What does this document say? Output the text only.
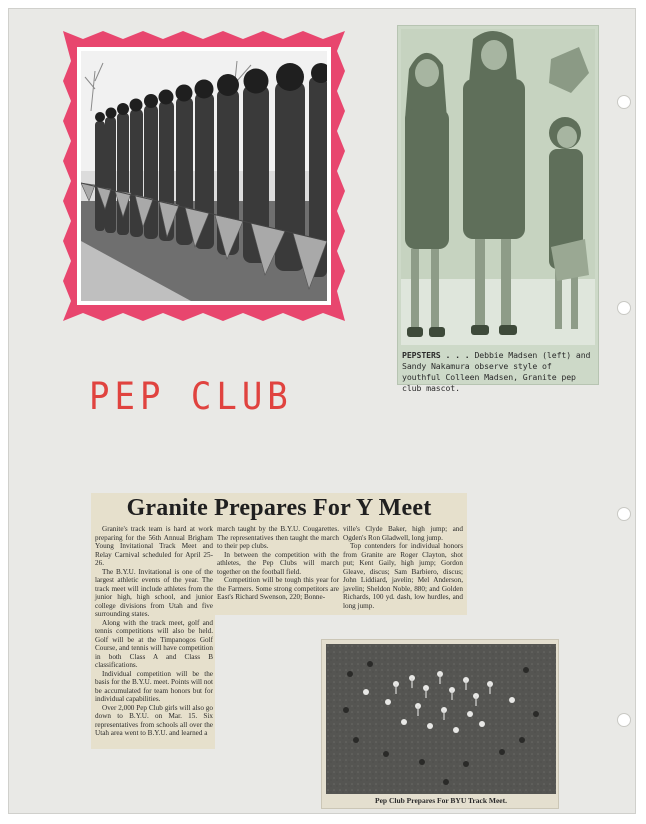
PEPSTERS . . . Debbie Madsen (left) and Sandy Nakamura observe style of youthful Colleen Madsen, Granite pep club mascot.
PEP CLUB
Granite Prepares For Y Meet

Granite's track team is hard at work preparing for the 56th Annual Brigham Young Invitational Track Meet and Relay Carnival scheduled for April 25-26.

The B.Y.U. Invitational is one of the largest athletic events of the year. The track meet will include athletes from the junior high, high school, and junior college divisions from Utah and five surrounding states.

Along with the track meet, golf and tennis competitions will also be held. Golf will be at the Timpanogos Golf Course, and tennis will have competition in both Class A and Class B classifications.

Individual competition will be the basis for the B.Y.U. meet. Points will not be accumulated for team honors but for individual capabilities.

Over 2,000 Pep Club girls will also go down to B.Y.U. on Mar. 15. Six representatives from schools all over the Utah area went to B.Y.U. and learned a

march taught by the B.Y.U. Cougarettes. The representatives then taught the march to their pep clubs.

In between the competition with the athletes, the Pep Clubs will march together on the football field.

Competition will be tough this year for the Farmers. Some strong competitors are East's Richard Swenson, 220; Bonne-

ville's Clyde Baker, high jump; and Ogden's Ron Gladwell, long jump.

Top contenders for individual honors from Granite are Roger Clayton, shot put; Kent Gaily, high jump; Gordon Gleave, discus; Sam Barbiero, discus; John Liddiard, javelin; Mel Anderson, javelin; Sheldon Noble, 880; and Golden Richards, 100 yd. dash, low hurdles, and long jump.

Pep Club Prepares For BYU Track Meet.
